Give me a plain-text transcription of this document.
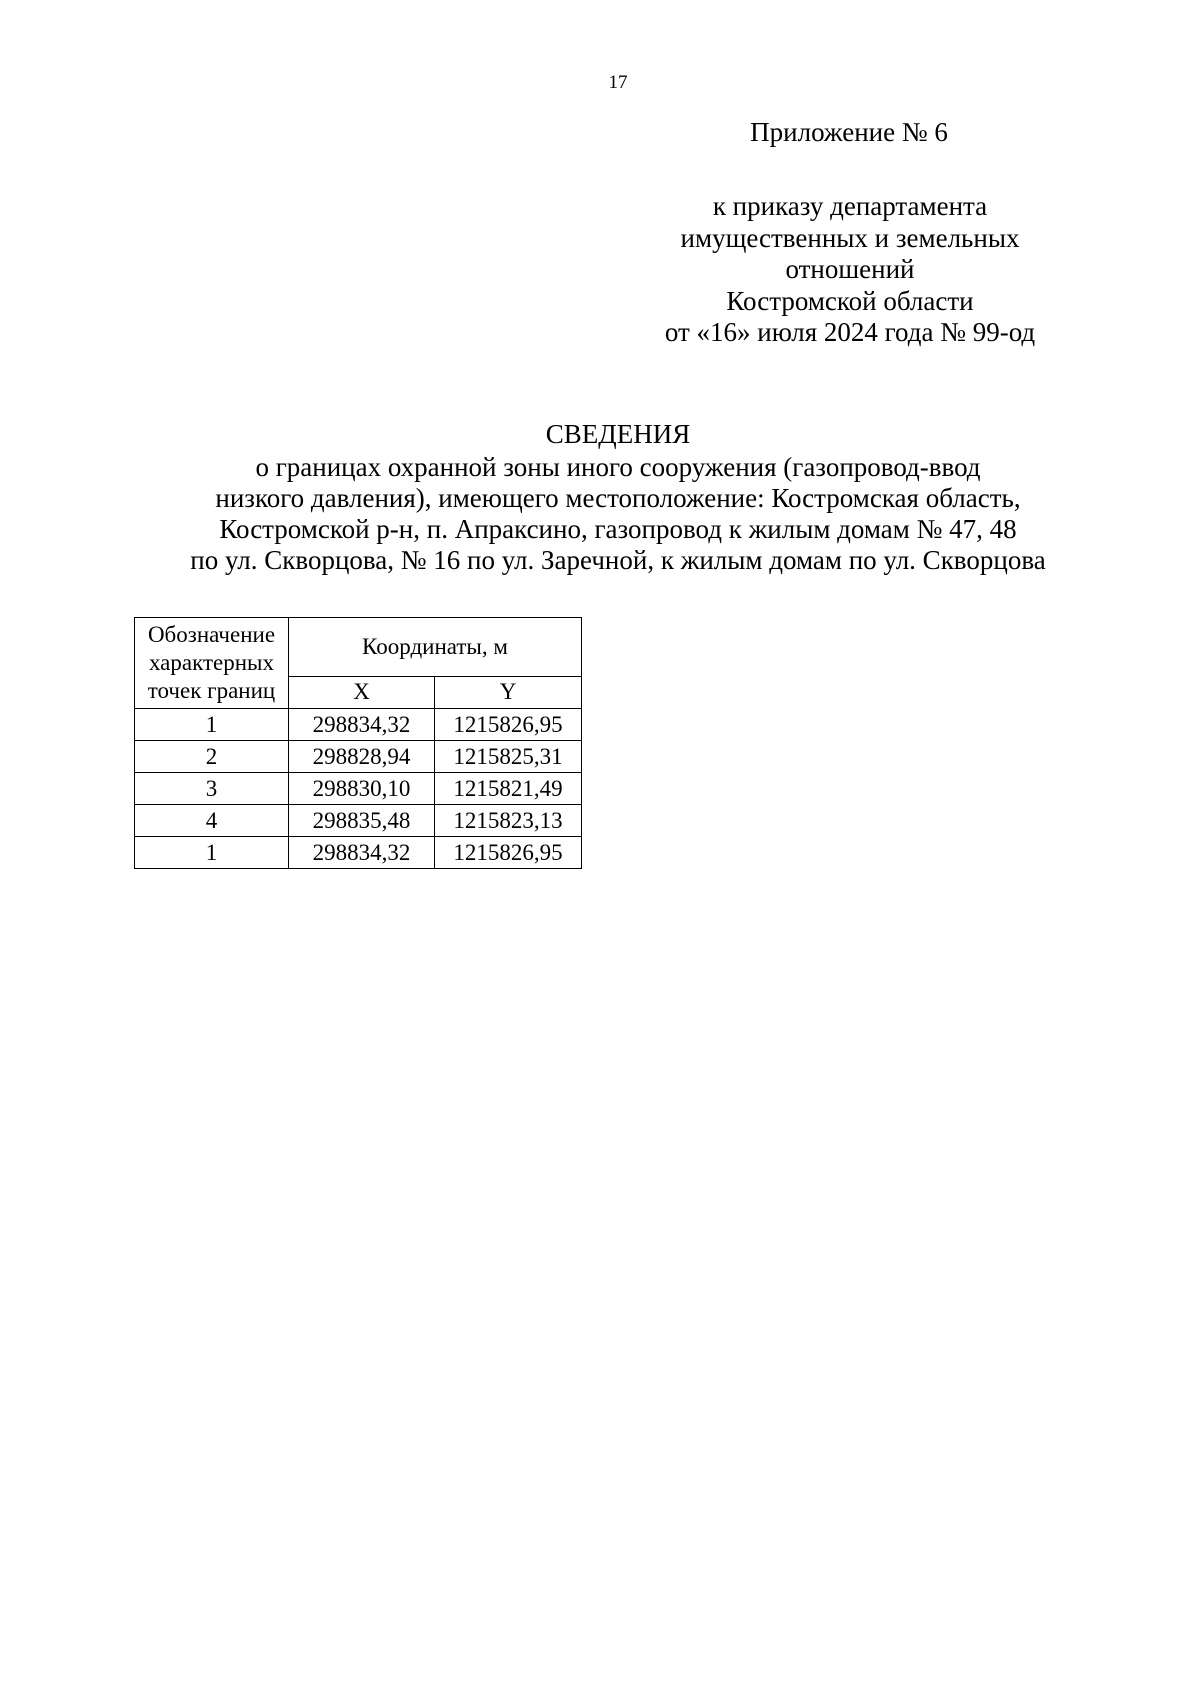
17
Приложение № 6
к приказу департамента
имущественных и земельных
отношений
Костромской области
от «16» июля 2024 года № 99-од
СВЕДЕНИЯ
о границах охранной зоны иного сооружения (газопровод-ввод
низкого давления), имеющего местоположение: Костромская область,
Костромской р-н, п. Апраксино, газопровод к жилым домам № 47, 48
по ул. Скворцова, № 16 по ул. Заречной, к жилым домам по ул. Скворцова
Обозначение
характерных
точек границ	Координаты, м	
	X	Y
1	298834,32	1215826,95
2	298828,94	1215825,31
3	298830,10	1215821,49
4	298835,48	1215823,13
1	298834,32	1215826,95
